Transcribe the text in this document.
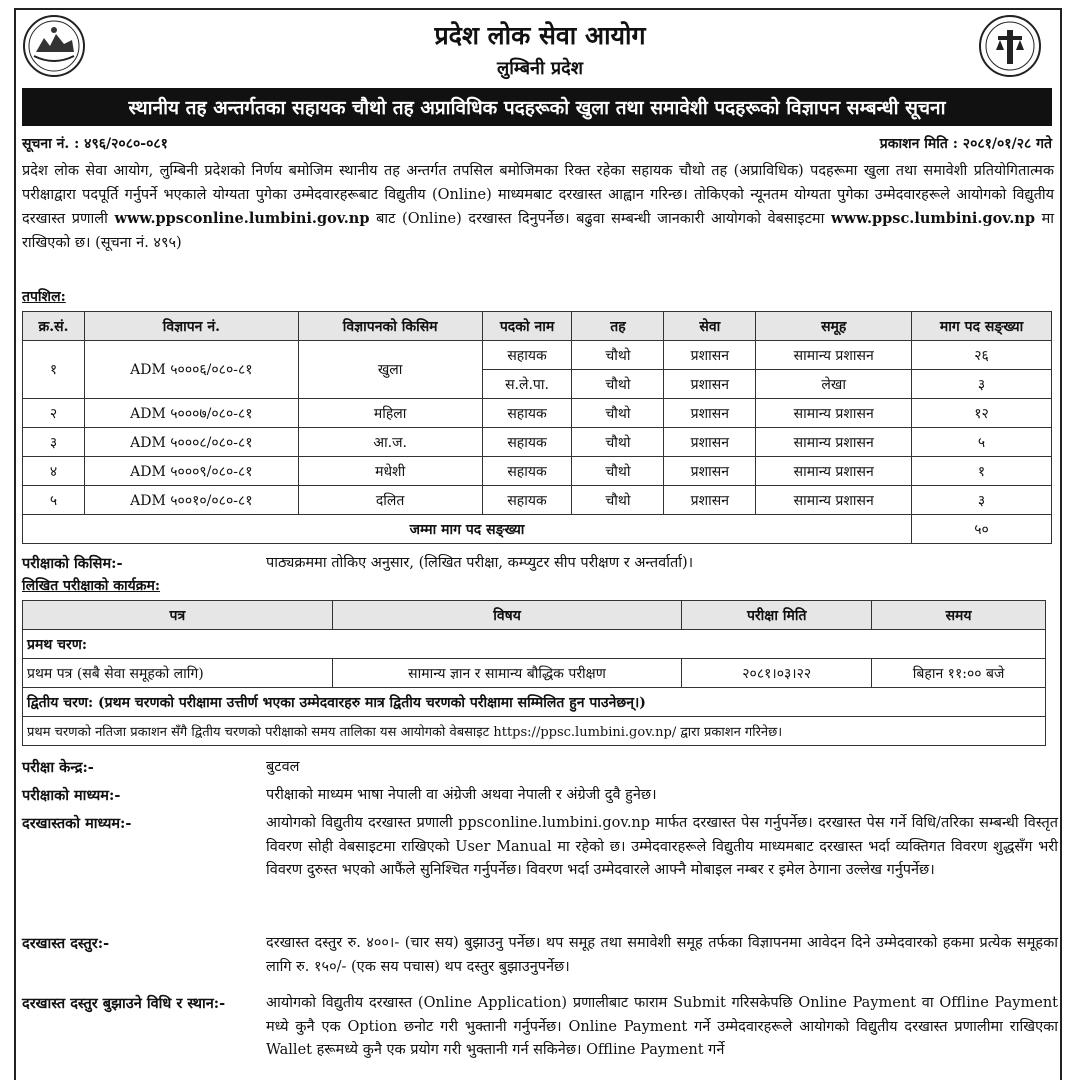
प्रदेश लोक सेवा आयोग
लुम्बिनी प्रदेश
स्थानीय तह अन्तर्गतका सहायक चौथो तह अप्राविधिक पदहरूको खुला तथा समावेशी पदहरूको विज्ञापन सम्बन्धी सूचना
सूचना नं. : ४९६/२०८०-०८१	प्रकाशन मिति : २०८१/०१/२८ गते
प्रदेश लोक सेवा आयोग, लुम्बिनी प्रदेशको निर्णय बमोजिम स्थानीय तह अन्तर्गत तपसिल बमोजिमका रिक्त रहेका सहायक चौथो तह (अप्राविधिक) पदहरूमा खुला तथा समावेशी प्रतियोगितात्मक परीक्षाद्वारा पदपूर्ति गर्नुपर्ने भएकाले योग्यता पुगेका उम्मेदवारहरूबाट विद्युतीय (Online) माध्यमबाट दरखास्त आह्वान गरिन्छ। तोकिएको न्यूनतम योग्यता पुगेका उम्मेदवारहरूले आयोगको विद्युतीय दरखास्त प्रणाली www.ppsconline.lumbini.gov.np बाट (Online) दरखास्त दिनुपर्नेछ। बढुवा सम्बन्धी जानकारी आयोगको वेबसाइटमा www.ppsc.lumbini.gov.np मा राखिएको छ। (सूचना नं. ४९५)
तपशिल:
क्र.सं.	विज्ञापन नं.	विज्ञापनको किसिम	पदको नाम	तह	सेवा	समूह	माग पद सङ्ख्या
१	ADM ५०००६/०८०-८१	खुला	सहायक	चौथो	प्रशासन	सामान्य प्रशासन	२६
			स.ले.पा.	चौथो	प्रशासन	लेखा	३
२	ADM ५०००७/०८०-८१	महिला	सहायक	चौथो	प्रशासन	सामान्य प्रशासन	१२
३	ADM ५०००८/०८०-८१	आ.ज.	सहायक	चौथो	प्रशासन	सामान्य प्रशासन	५
४	ADM ५०००९/०८०-८१	मधेशी	सहायक	चौथो	प्रशासन	सामान्य प्रशासन	१
५	ADM ५००१०/०८०-८१	दलित	सहायक	चौथो	प्रशासन	सामान्य प्रशासन	३
जम्मा माग पद सङ्ख्या							५०
परीक्षाको किसिम:-	पाठ्यक्रममा तोकिए अनुसार, (लिखित परीक्षा, कम्प्युटर सीप परीक्षण र अन्तर्वार्ता)।
लिखित परीक्षाको कार्यक्रम:
पत्र	विषय	परीक्षा मिति	समय
प्रमथ चरण:			
प्रथम पत्र (सबै सेवा समूहको लागि)	सामान्य ज्ञान र सामान्य बौद्धिक परीक्षण	२०८१।०३।२२	बिहान ११:०० बजे
द्वितीय चरण: (प्रथम चरणको परीक्षामा उत्तीर्ण भएका उम्मेदवारहरु मात्र द्वितीय चरणको परीक्षामा सम्मिलित हुन पाउनेछन्।)			
प्रथम चरणको नतिजा प्रकाशन सँगै द्वितीय चरणको परीक्षाको समय तालिका यस आयोगको वेबसाइट https://ppsc.lumbini.gov.np/ द्वारा प्रकाशन गरिनेछ।			
परीक्षा केन्द्र:-	बुटवल
परीक्षाको माध्यम:-	परीक्षाको माध्यम भाषा नेपाली वा अंग्रेजी अथवा नेपाली र अंग्रेजी दुवै हुनेछ।
दरखास्तको माध्यम:-	आयोगको विद्युतीय दरखास्त प्रणाली ppsconline.lumbini.gov.np मार्फत दरखास्त पेस गर्नुपर्नेछ। दरखास्त पेस गर्ने विधि/तरिका सम्बन्धी विस्तृत विवरण सोही वेबसाइटमा राखिएको User Manual मा रहेको छ। उम्मेदवारहरूले विद्युतीय माध्यमबाट दरखास्त भर्दा व्यक्तिगत विवरण शुद्धसँग भरी विवरण दुरुस्त भएको आफैंले सुनिश्चित गर्नुपर्नेछ। विवरण भर्दा उम्मेदवारले आफ्नै मोबाइल नम्बर र इमेल ठेगाना उल्लेख गर्नुपर्नेछ।
दरखास्त दस्तुर:-	दरखास्त दस्तुर रु. ४००।- (चार सय) बुझाउनु पर्नेछ। थप समूह तथा समावेशी समूह तर्फका विज्ञापनमा आवेदन दिने उम्मेदवारको हकमा प्रत्येक समूहका लागि रु. १५०/- (एक सय पचास) थप दस्तुर बुझाउनुपर्नेछ।
दरखास्त दस्तुर बुझाउने विधि र स्थान:-	आयोगको विद्युतीय दरखास्त (Online Application) प्रणालीबाट फाराम Submit गरिसकेपछि Online Payment वा Offline Payment मध्ये कुनै एक Option छनोट गरी भुक्तानी गर्नुपर्नेछ। Online Payment गर्ने उम्मेदवारहरूले आयोगको विद्युतीय दरखास्त प्रणालीमा राखिएका Wallet हरूमध्ये कुनै एक प्रयोग गरी भुक्तानी गर्न सकिनेछ। Offline Payment गर्ने
